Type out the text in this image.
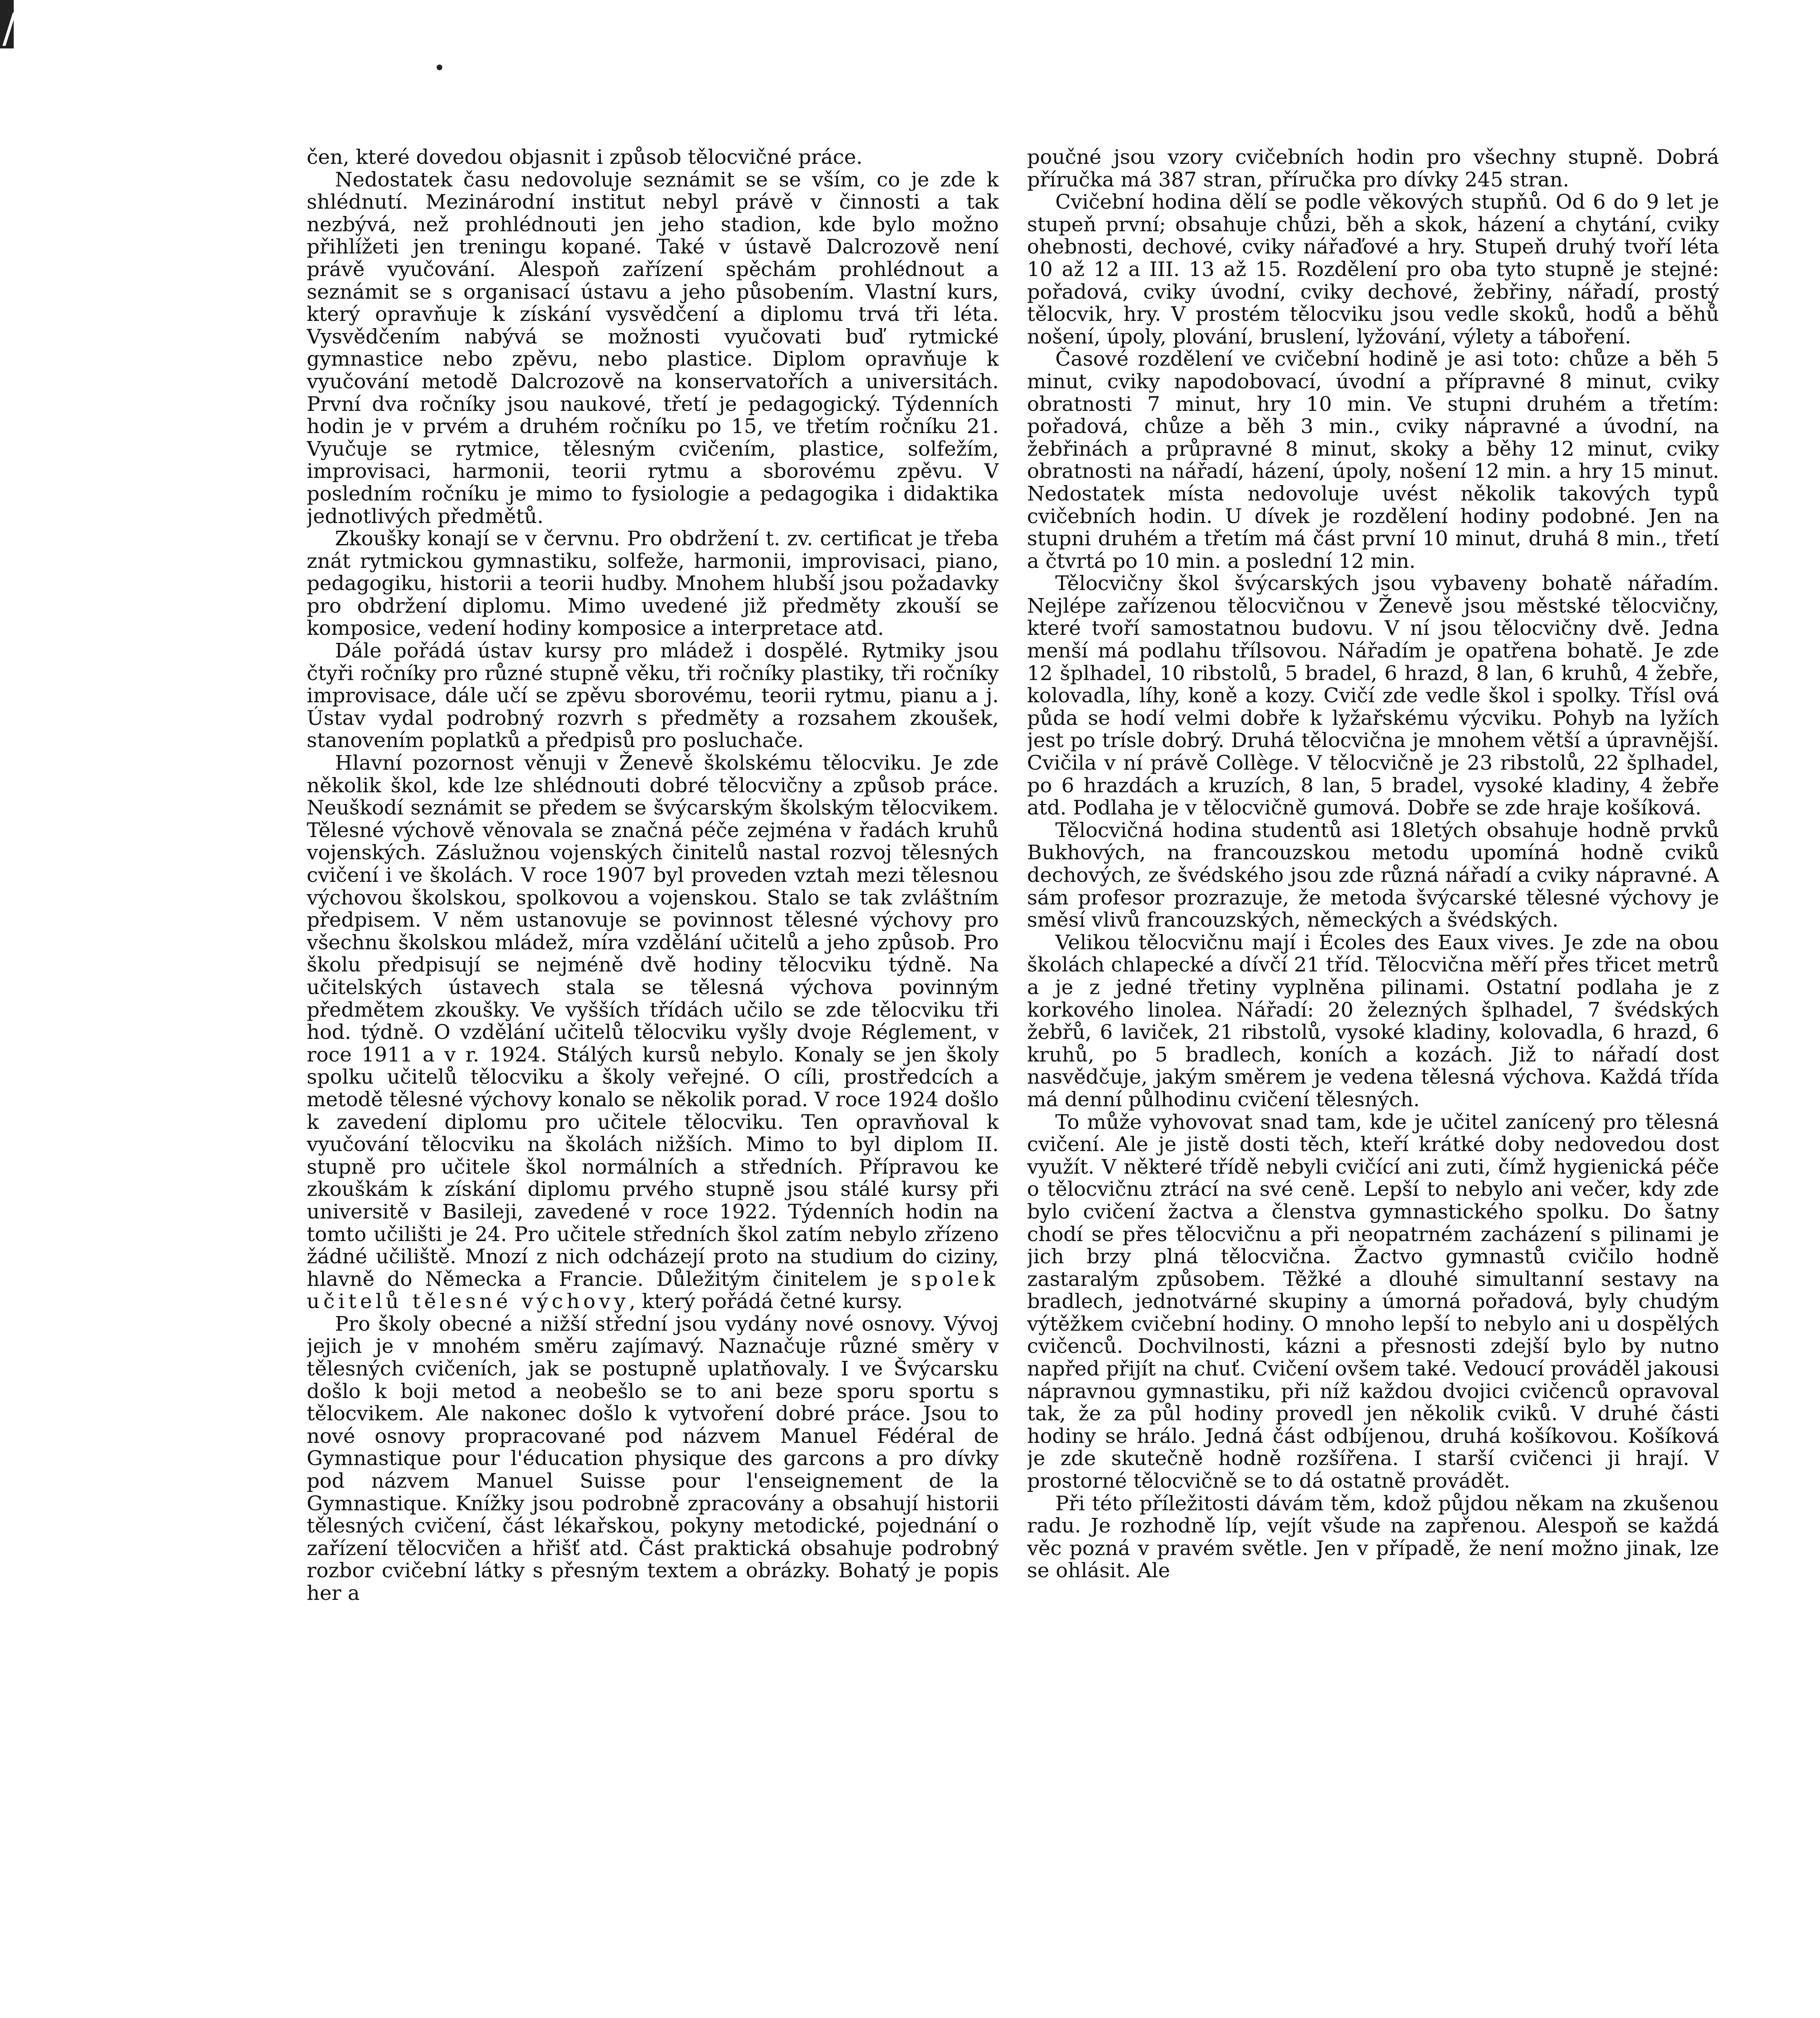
/

čen, které dovedou objasnit i způsob tělocvičné práce.

Nedostatek času nedovoluje seznámit se se vším, co je zde k shlédnutí. Mezinárodní institut nebyl právě v činnosti a tak nezbývá, než prohlédnouti jen jeho stadion, kde bylo možno přihlížeti jen treningu kopané. Také v ústavě Dalcrozově není právě vyučování. Alespoň zařízení spěchám prohlédnout a seznámit se s organisací ústavu a jeho působením. Vlastní kurs, který opravňuje k získání vysvědčení a diplomu trvá tři léta. Vysvědčením nabývá se možnosti vyučovati buď rytmické gymnastice nebo zpěvu, nebo plastice. Diplom opravňuje k vyučování metodě Dalcrozově na konservatořích a universitách. První dva ročníky jsou naukové, třetí je pedagogický. Týdenních hodin je v prvém a druhém ročníku po 15, ve třetím ročníku 21. Vyučuje se rytmice, tělesným cvičením, plastice, solfežím, improvisaci, harmonii, teorii rytmu a sborovému zpěvu. V posledním ročníku je mimo to fysiologie a pedagogika i didaktika jednotlivých předmětů.

Zkoušky konají se v červnu. Pro obdržení t. zv. certificat je třeba znát rytmickou gymnastiku, solfeže, harmonii, improvisaci, piano, pedagogiku, historii a teorii hudby. Mnohem hlubší jsou požadavky pro obdržení diplomu. Mimo uvedené již předměty zkouší se komposice, vedení hodiny komposice a interpretace atd.

Dále pořádá ústav kursy pro mládež i dospělé. Rytmiky jsou čtyři ročníky pro různé stupně věku, tři ročníky plastiky, tři ročníky improvisace, dále učí se zpěvu sborovému, teorii rytmu, pianu a j. Ústav vydal podrobný rozvrh s předměty a rozsahem zkoušek, stanovením poplatků a předpisů pro posluchače.

Hlavní pozornost věnuji v Ženevě školskému tělocviku. Je zde několik škol, kde lze shlédnouti dobré tělocvičny a způsob práce. Neuškodí seznámit se předem se švýcarským školským tělocvikem. Tělesné výchově věnovala se značná péče zejména v řadách kruhů vojenských. Záslužnou vojenských činitelů nastal rozvoj tělesných cvičení i ve školách. V roce 1907 byl proveden vztah mezi tělesnou výchovou školskou, spolkovou a vojenskou. Stalo se tak zvláštním předpisem. V něm ustanovuje se povinnost tělesné výchovy pro všechnu školskou mládež, míra vzdělání učitelů a jeho způsob. Pro školu předpisují se nejméně dvě hodiny tělocviku týdně. Na učitelských ústavech stala se tělesná výchova povinným předmětem zkoušky. Ve vyšších třídách učilo se zde tělocviku tři hod. týdně. O vzdělání učitelů tělocviku vyšly dvoje Réglement, v roce 1911 a v r. 1924. Stálých kursů nebylo. Konaly se jen školy spolku učitelů tělocviku a školy veřejné. O cíli, prostředcích a metodě tělesné výchovy konalo se několik porad. V roce 1924 došlo k zavedení diplomu pro učitele tělocviku. Ten opravňoval k vyučování tělocviku na školách nižších. Mimo to byl diplom II. stupně pro učitele škol normálních a středních. Přípravou ke zkouškám k získání diplomu prvého stupně jsou stálé kursy při universitě v Basileji, zavedené v roce 1922. Týdenních hodin na tomto učilišti je 24. Pro učitele středních škol zatím nebylo zřízeno žádné učiliště. Mnozí z nich odcházejí proto na studium do ciziny, hlavně do Německa a Francie. Důležitým činitelem je spolek učitelů tělesné výchovy, který pořádá četné kursy.

Pro školy obecné a nižší střední jsou vydány nové osnovy. Vývoj jejich je v mnohém směru zajímavý. Naznačuje různé směry v tělesných cvičeních, jak se postupně uplatňovaly. I ve Švýcarsku došlo k boji metod a neobešlo se to ani beze sporu sportu s tělocvikem. Ale nakonec došlo k vytvoření dobré práce. Jsou to nové osnovy propracované pod názvem Manuel Fédéral de Gymnastique pour l'éducation physique des garcons a pro dívky pod názvem Manuel Suisse pour l'enseignement de la Gymnastique. Knížky jsou podrobně zpracovány a obsahují historii tělesných cvičení, část lékařskou, pokyny metodické, pojednání o zařízení tělocvičen a hřišť atd. Část praktická obsahuje podrobný rozbor cvičební látky s přesným textem a obrázky. Bohatý je popis her a

poučné jsou vzory cvičebních hodin pro všechny stupně. Dobrá příručka má 387 stran, příručka pro dívky 245 stran.

Cvičební hodina dělí se podle věkových stupňů. Od 6 do 9 let je stupeň první; obsahuje chůzi, běh a skok, házení a chytání, cviky ohebnosti, dechové, cviky nářaďové a hry. Stupeň druhý tvoří léta 10 až 12 a III. 13 až 15. Rozdělení pro oba tyto stupně je stejné: pořadová, cviky úvodní, cviky dechové, žebřiny, nářadí, prostý tělocvik, hry. V prostém tělocviku jsou vedle skoků, hodů a běhů nošení, úpoly, plování, bruslení, lyžování, výlety a táboření.

Časové rozdělení ve cvičební hodině je asi toto: chůze a běh 5 minut, cviky napodobovací, úvodní a přípravné 8 minut, cviky obratnosti 7 minut, hry 10 min. Ve stupni druhém a třetím: pořadová, chůze a běh 3 min., cviky nápravné a úvodní, na žebřinách a průpravné 8 minut, skoky a běhy 12 minut, cviky obratnosti na nářadí, házení, úpoly, nošení 12 min. a hry 15 minut. Nedostatek místa nedovoluje uvést několik takových typů cvičebních hodin. U dívek je rozdělení hodiny podobné. Jen na stupni druhém a třetím má část první 10 minut, druhá 8 min., třetí a čtvrtá po 10 min. a poslední 12 min.

Tělocvičny škol švýcarských jsou vybaveny bohatě nářadím. Nejlépe zařízenou tělocvičnou v Ženevě jsou městské tělocvičny, které tvoří samostatnou budovu. V ní jsou tělocvičny dvě. Jedna menší má podlahu třílsovou. Nářadím je opatřena bohatě. Je zde 12 šplhadel, 10 ribstolů, 5 bradel, 6 hrazd, 8 lan, 6 kruhů, 4 žebře, kolovadla, líhy, koně a kozy. Cvičí zde vedle škol i spolky. Třísl ová půda se hodí velmi dobře k lyžařskému výcviku. Pohyb na lyžích jest po trísle dobrý. Druhá tělocvična je mnohem větší a úpravnější. Cvičila v ní právě Collège. V tělocvičně je 23 ribstolů, 22 šplhadel, po 6 hrazdách a kruzích, 8 lan, 5 bradel, vysoké kladiny, 4 žebře atd. Podlaha je v tělocvičně gumová. Dobře se zde hraje košíková.

Tělocvičná hodina studentů asi 18letých obsahuje hodně prvků Bukhových, na francouzskou metodu upomíná hodně cviků dechových, ze švédského jsou zde různá nářadí a cviky nápravné. A sám profesor prozrazuje, že metoda švýcarské tělesné výchovy je směsí vlivů francouzských, německých a švédských.

Velikou tělocvičnu mají i Écoles des Eaux vives. Je zde na obou školách chlapecké a dívčí 21 tříd. Tělocvična měří přes třicet metrů a je z jedné třetiny vyplněna pilinami. Ostatní podlaha je z korkového linolea. Nářadí: 20 železných šplhadel, 7 švédských žebřů, 6 laviček, 21 ribstolů, vysoké kladiny, kolovadla, 6 hrazd, 6 kruhů, po 5 bradlech, koních a kozách. Již to nářadí dost nasvědčuje, jakým směrem je vedena tělesná výchova. Každá třída má denní půlhodinu cvičení tělesných.

To může vyhovovat snad tam, kde je učitel zanícený pro tělesná cvičení. Ale je jistě dosti těch, kteří krátké doby nedovedou dost využít. V některé třídě nebyli cvičící ani zuti, čímž hygienická péče o tělocvičnu ztrácí na své ceně. Lepší to nebylo ani večer, kdy zde bylo cvičení žactva a členstva gymnastického spolku. Do šatny chodí se přes tělocvičnu a při neopatrném zacházení s pilinami je jich brzy plná tělocvična. Žactvo gymnastů cvičilo hodně zastaralým způsobem. Těžké a dlouhé simultanní sestavy na bradlech, jednotvárné skupiny a úmorná pořadová, byly chudým výtěžkem cvičební hodiny. O mnoho lepší to nebylo ani u dospělých cvičenců. Dochvilnosti, kázni a přesnosti zdejší bylo by nutno napřed přijít na chuť. Cvičení ovšem také. Vedoucí prováděl jakousi nápravnou gymnastiku, při níž každou dvojici cvičenců opravoval tak, že za půl hodiny provedl jen několik cviků. V druhé části hodiny se hrálo. Jedná část odbíjenou, druhá košíkovou. Košíková je zde skutečně hodně rozšířena. I starší cvičenci ji hrají. V prostorné tělocvičně se to dá ostatně provádět.

Při této příležitosti dávám těm, kdož půjdou někam na zkušenou radu. Je rozhodně líp, vejít všude na zapřenou. Alespoň se každá věc pozná v pravém světle. Jen v případě, že není možno jinak, lze se ohlásit. Ale
